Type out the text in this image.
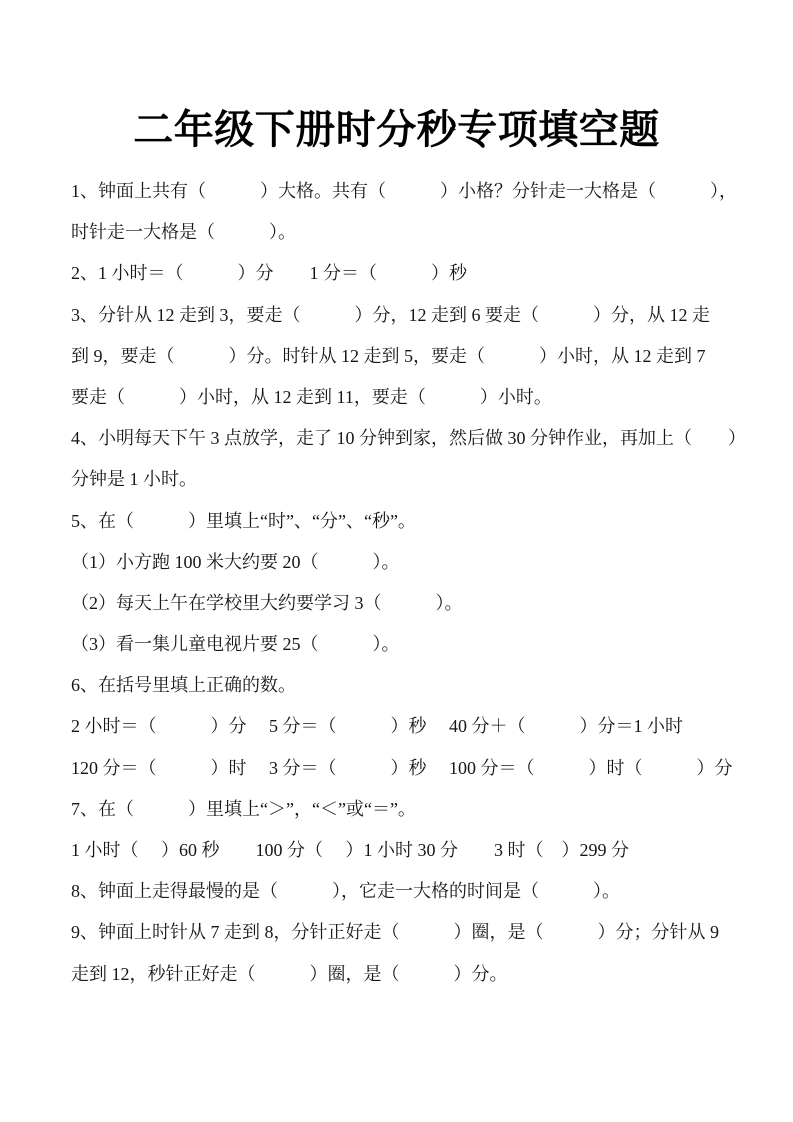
二年级下册时分秒专项填空题
1、钟面上共有（　　　）大格。共有（　　　）小格？分针走一大格是（　　　），
时针走一大格是（　　　）。
2、1 小时＝（　　　）分　　1 分＝（　　　）秒
3、分针从 12 走到 3，要走（　　　）分，12 走到 6 要走（　　　）分，从 12 走
到 9，要走（　　　）分。时针从 12 走到 5，要走（　　　）小时，从 12 走到 7
要走（　　　）小时，从 12 走到 11，要走（　　　）小时。
4、小明每天下午 3 点放学，走了 10 分钟到家，然后做 30 分钟作业，再加上（　　）
分钟是 1 小时。
5、在（　　　）里填上“时”、“分”、“秒”。
（1）小方跑 100 米大约要 20（　　　）。
（2）每天上午在学校里大约要学习 3（　　　）。
（3）看一集儿童电视片要 25（　　　）。
6、在括号里填上正确的数。
2 小时＝（　　　）分　 5 分＝（　　　）秒　 40 分＋（　　　）分＝1 小时
120 分＝（　　　）时　 3 分＝（　　　）秒　 100 分＝（　　　）时（　　　）分
7、在（　　　）里填上“＞”，“＜”或“＝”。
1 小时（　 ）60 秒　　100 分（　 ）1 小时 30 分　　3 时（　）299 分
8、钟面上走得最慢的是（　　　），它走一大格的时间是（　　　）。
9、钟面上时针从 7 走到 8，分针正好走（　　　）圈，是（　　　）分；分针从 9
走到 12，秒针正好走（　　　）圈，是（　　　）分。
